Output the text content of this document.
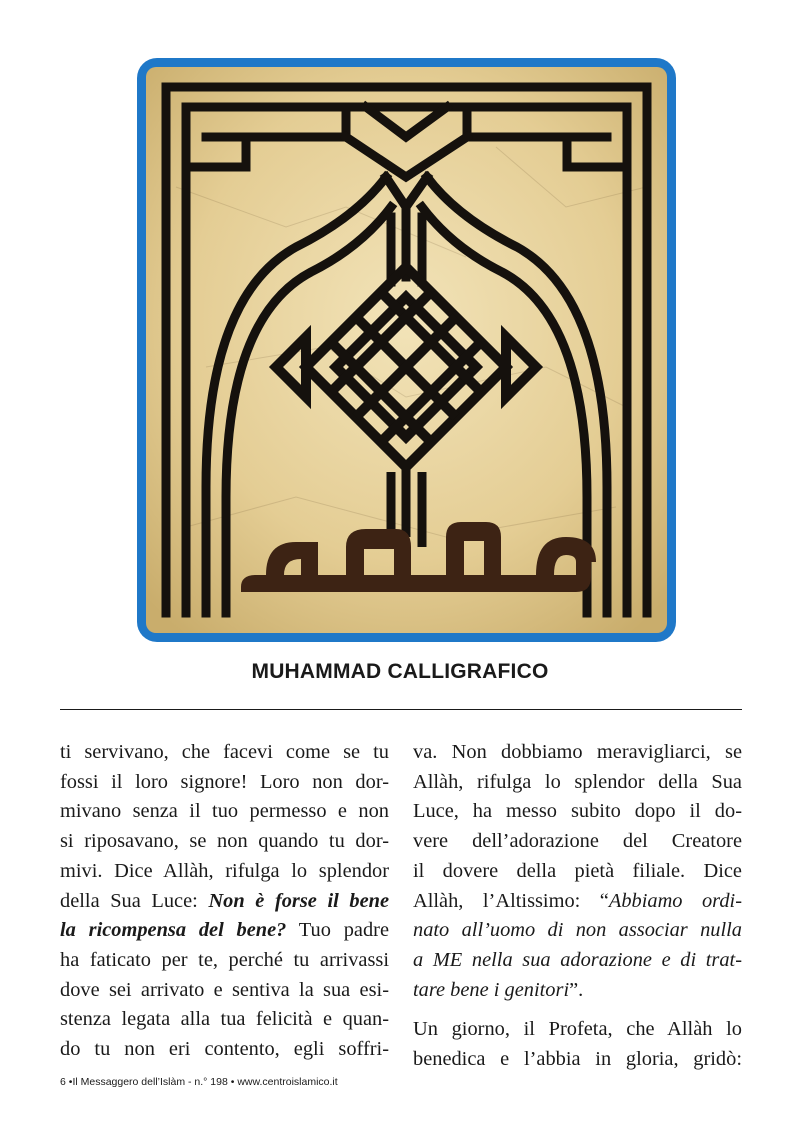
MUHAMMAD CALLIGRAFICO

ti servivano, che facevi come se tu
fossi il loro signore! Loro non dor-
mivano senza il tuo permesso e non
si riposavano, se non quando tu dor-
mivi. Dice Allàh, rifulga lo splendor
della Sua Luce: Non è forse il bene
la ricompensa del bene? Tuo padre
ha faticato per te, perché tu arrivassi
dove sei arrivato e sentiva la sua esi-
stenza legata alla tua felicità e quan-
do tu non eri contento, egli soffri-

va. Non dobbiamo meravigliarci, se
Allàh, rifulga lo splendor della Sua
Luce, ha messo subito dopo il do-
vere dell’adorazione del Creatore
il dovere della pietà filiale. Dice
Allàh, l’Altissimo: “Abbiamo ordi-
nato all’uomo di non associar nulla
a ME nella sua adorazione e di trat-
tare bene i genitori”.

Un giorno, il Profeta, che Allàh lo
benedica e l’abbia in gloria, gridò:

6 •Il Messaggero dell’Islàm - n.° 198 • www.centroislamico.it
